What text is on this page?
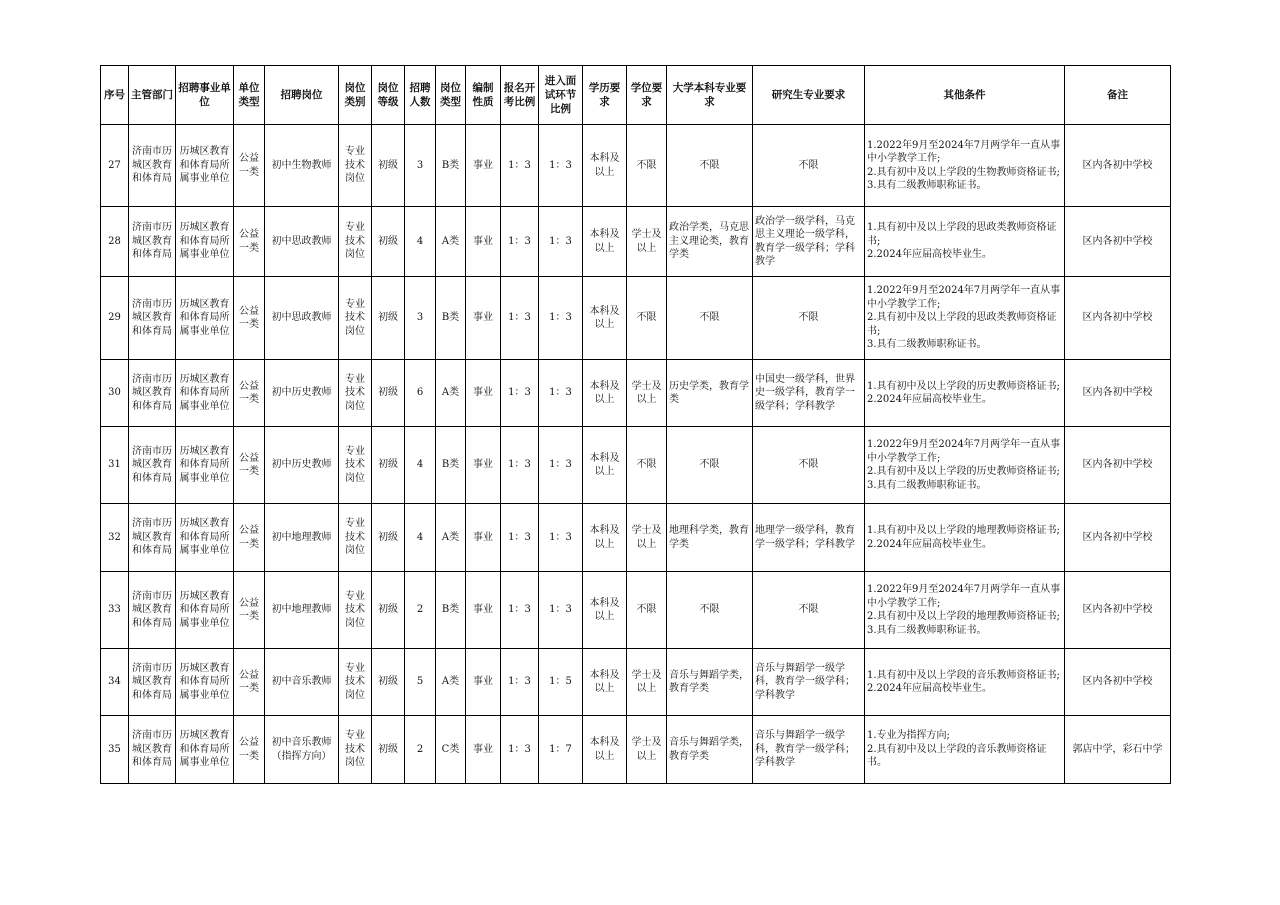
序号	主管部门	招聘事业单位	单位类型	招聘岗位	岗位类别	岗位等级	招聘人数	岗位类型	编制性质	报名开考比例	进入面试环节比例	学历要求	学位要求	大学本科专业要求	研究生专业要求	其他条件	备注
27	济南市历城区教育和体育局	历城区教育和体育局所属事业单位	公益一类	初中生物教师	专业技术岗位	初级	3	B类	事业	1：3	1：3	本科及以上	不限	不限	不限	1.2022年9月至2024年7月两学年一直从事中小学教学工作;
2.具有初中及以上学段的生物教师资格证书;
3.具有二级教师职称证书。	区内各初中学校
28	济南市历城区教育和体育局	历城区教育和体育局所属事业单位	公益一类	初中思政教师	专业技术岗位	初级	4	A类	事业	1：3	1：3	本科及以上	学士及以上	政治学类，马克思主义理论类，教育学类	政治学一级学科，马克思主义理论一级学科，教育学一级学科；学科教学	1.具有初中及以上学段的思政类教师资格证书;
2.2024年应届高校毕业生。	区内各初中学校
29	济南市历城区教育和体育局	历城区教育和体育局所属事业单位	公益一类	初中思政教师	专业技术岗位	初级	3	B类	事业	1：3	1：3	本科及以上	不限	不限	不限	1.2022年9月至2024年7月两学年一直从事中小学教学工作;
2.具有初中及以上学段的思政类教师资格证书;
3.具有二级教师职称证书。	区内各初中学校
30	济南市历城区教育和体育局	历城区教育和体育局所属事业单位	公益一类	初中历史教师	专业技术岗位	初级	6	A类	事业	1：3	1：3	本科及以上	学士及以上	历史学类，教育学类	中国史一级学科，世界史一级学科，教育学一级学科；学科教学	1.具有初中及以上学段的历史教师资格证书;
2.2024年应届高校毕业生。	区内各初中学校
31	济南市历城区教育和体育局	历城区教育和体育局所属事业单位	公益一类	初中历史教师	专业技术岗位	初级	4	B类	事业	1：3	1：3	本科及以上	不限	不限	不限	1.2022年9月至2024年7月两学年一直从事中小学教学工作;
2.具有初中及以上学段的历史教师资格证书;
3.具有二级教师职称证书。	区内各初中学校
32	济南市历城区教育和体育局	历城区教育和体育局所属事业单位	公益一类	初中地理教师	专业技术岗位	初级	4	A类	事业	1：3	1：3	本科及以上	学士及以上	地理科学类，教育学类	地理学一级学科，教育学一级学科；学科教学	1.具有初中及以上学段的地理教师资格证书;
2.2024年应届高校毕业生。	区内各初中学校
33	济南市历城区教育和体育局	历城区教育和体育局所属事业单位	公益一类	初中地理教师	专业技术岗位	初级	2	B类	事业	1：3	1：3	本科及以上	不限	不限	不限	1.2022年9月至2024年7月两学年一直从事中小学教学工作;
2.具有初中及以上学段的地理教师资格证书;
3.具有二级教师职称证书。	区内各初中学校
34	济南市历城区教育和体育局	历城区教育和体育局所属事业单位	公益一类	初中音乐教师	专业技术岗位	初级	5	A类	事业	1：3	1：5	本科及以上	学士及以上	音乐与舞蹈学类，教育学类	音乐与舞蹈学一级学科，教育学一级学科；学科教学	1.具有初中及以上学段的音乐教师资格证书;
2.2024年应届高校毕业生。	区内各初中学校
35	济南市历城区教育和体育局	历城区教育和体育局所属事业单位	公益一类	初中音乐教师（指挥方向）	专业技术岗位	初级	2	C类	事业	1：3	1：7	本科及以上	学士及以上	音乐与舞蹈学类，教育学类	音乐与舞蹈学一级学科，教育学一级学科；学科教学	1.专业为指挥方向;
2.具有初中及以上学段的音乐教师资格证书。	郭店中学，彩石中学
